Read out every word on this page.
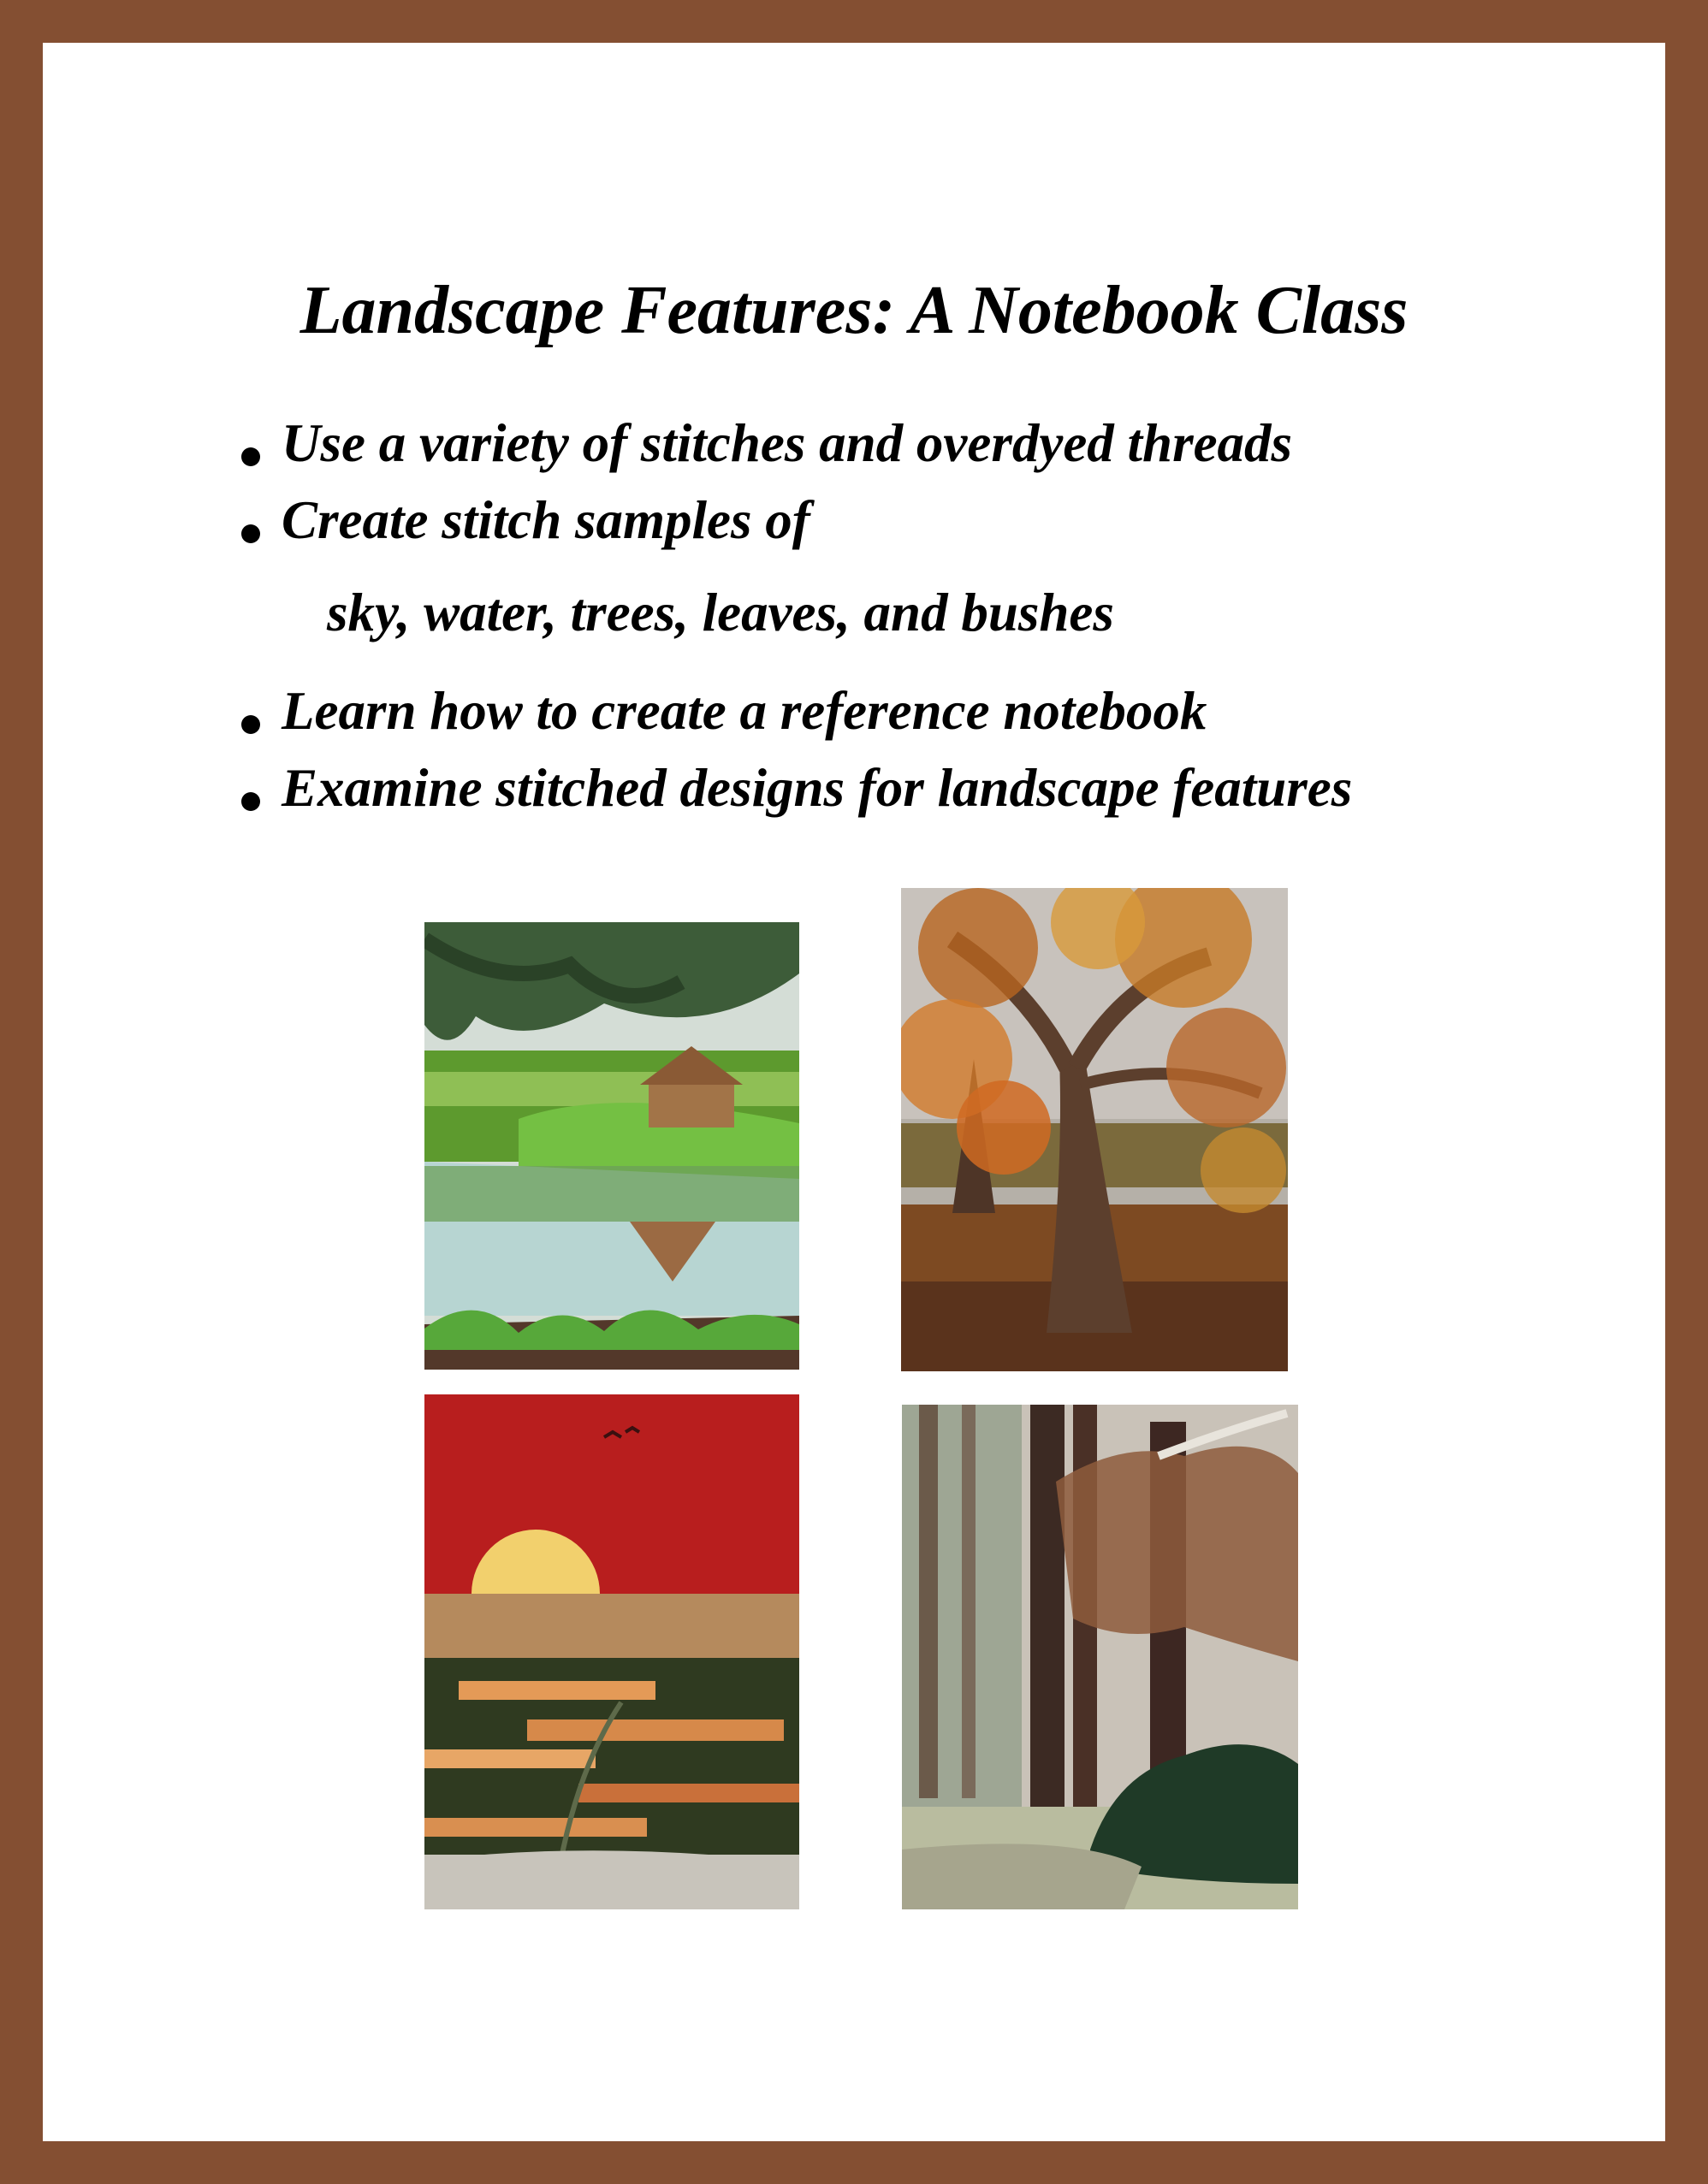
Landscape Features: A Notebook Class

Use a variety of stitches and overdyed threads

Create stitch samples of

sky, water, trees, leaves, and bushes

Learn how to create a reference notebook

Examine stitched designs for landscape features
